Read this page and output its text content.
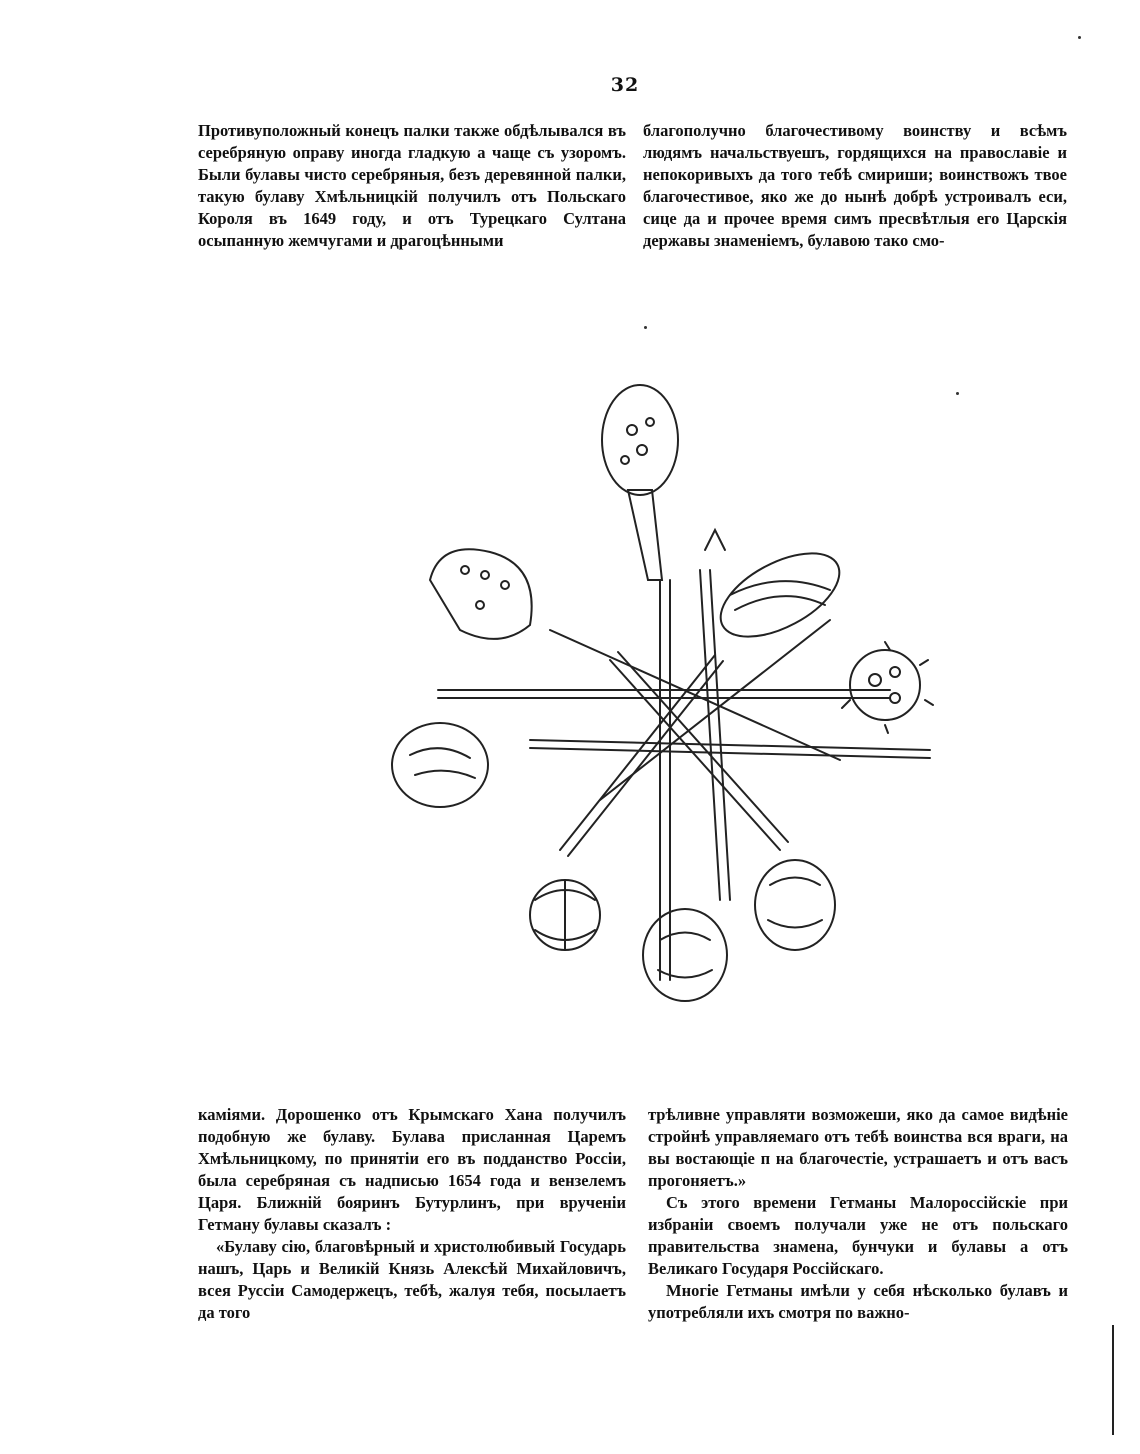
32

Противуположный конецъ палки также обдѣлывался въ серебряную оправу иногда гладкую а чаще съ узоромъ. Были булавы чисто серебряныя, безъ деревянной палки, такую булаву Хмѣльницкій получилъ отъ Польскаго Короля въ 1649 году, и отъ Турецкаго Султана осыпанную жемчугами и драгоцѣнными

благополучно благочестивому воинству и всѣмъ людямъ начальствуешъ, гордящихся на православіе и непокоривыхъ да того тебѣ смириши; воинствожъ твое благочестивое, яко же до нынѣ добрѣ устроивалъ еси, сице да и прочее время симъ пресвѣтлыя его Царскія державы знаменіемъ, булавою тако смо-

каміями. Дорошенко отъ Крымскаго Хана получилъ подобную же булаву. Булава присланная Царемъ Хмѣльницкому, по принятіи его въ подданство Россіи, была серебряная съ надписью 1654 года и вензелемъ Царя. Ближній бояринъ Бутурлинъ, при врученіи Гетману булавы сказалъ :

«Булаву сію, благовѣрный и христолюбивый Государь нашъ, Царь и Великій Князь Алексѣй Михайловичъ, всея Руссіи Самодержецъ, тебѣ, жалуя тебя, посылаетъ да того

трѣливне управляти возможеши, яко да самое видѣніе стройнѣ управляемаго отъ тебѣ воинства вся враги, на вы востающіе п на благочестіе, устрашаетъ и отъ васъ прогоняетъ.»

Съ этого времени Гетманы Малороссійскіе при избраніи своемъ получали уже не отъ польскаго правительства знамена, бунчуки и булавы а отъ Великаго Государя Россійскаго.

Многіе Гетманы имѣли у себя нѣсколько булавъ и употребляли ихъ смотря по важно-
